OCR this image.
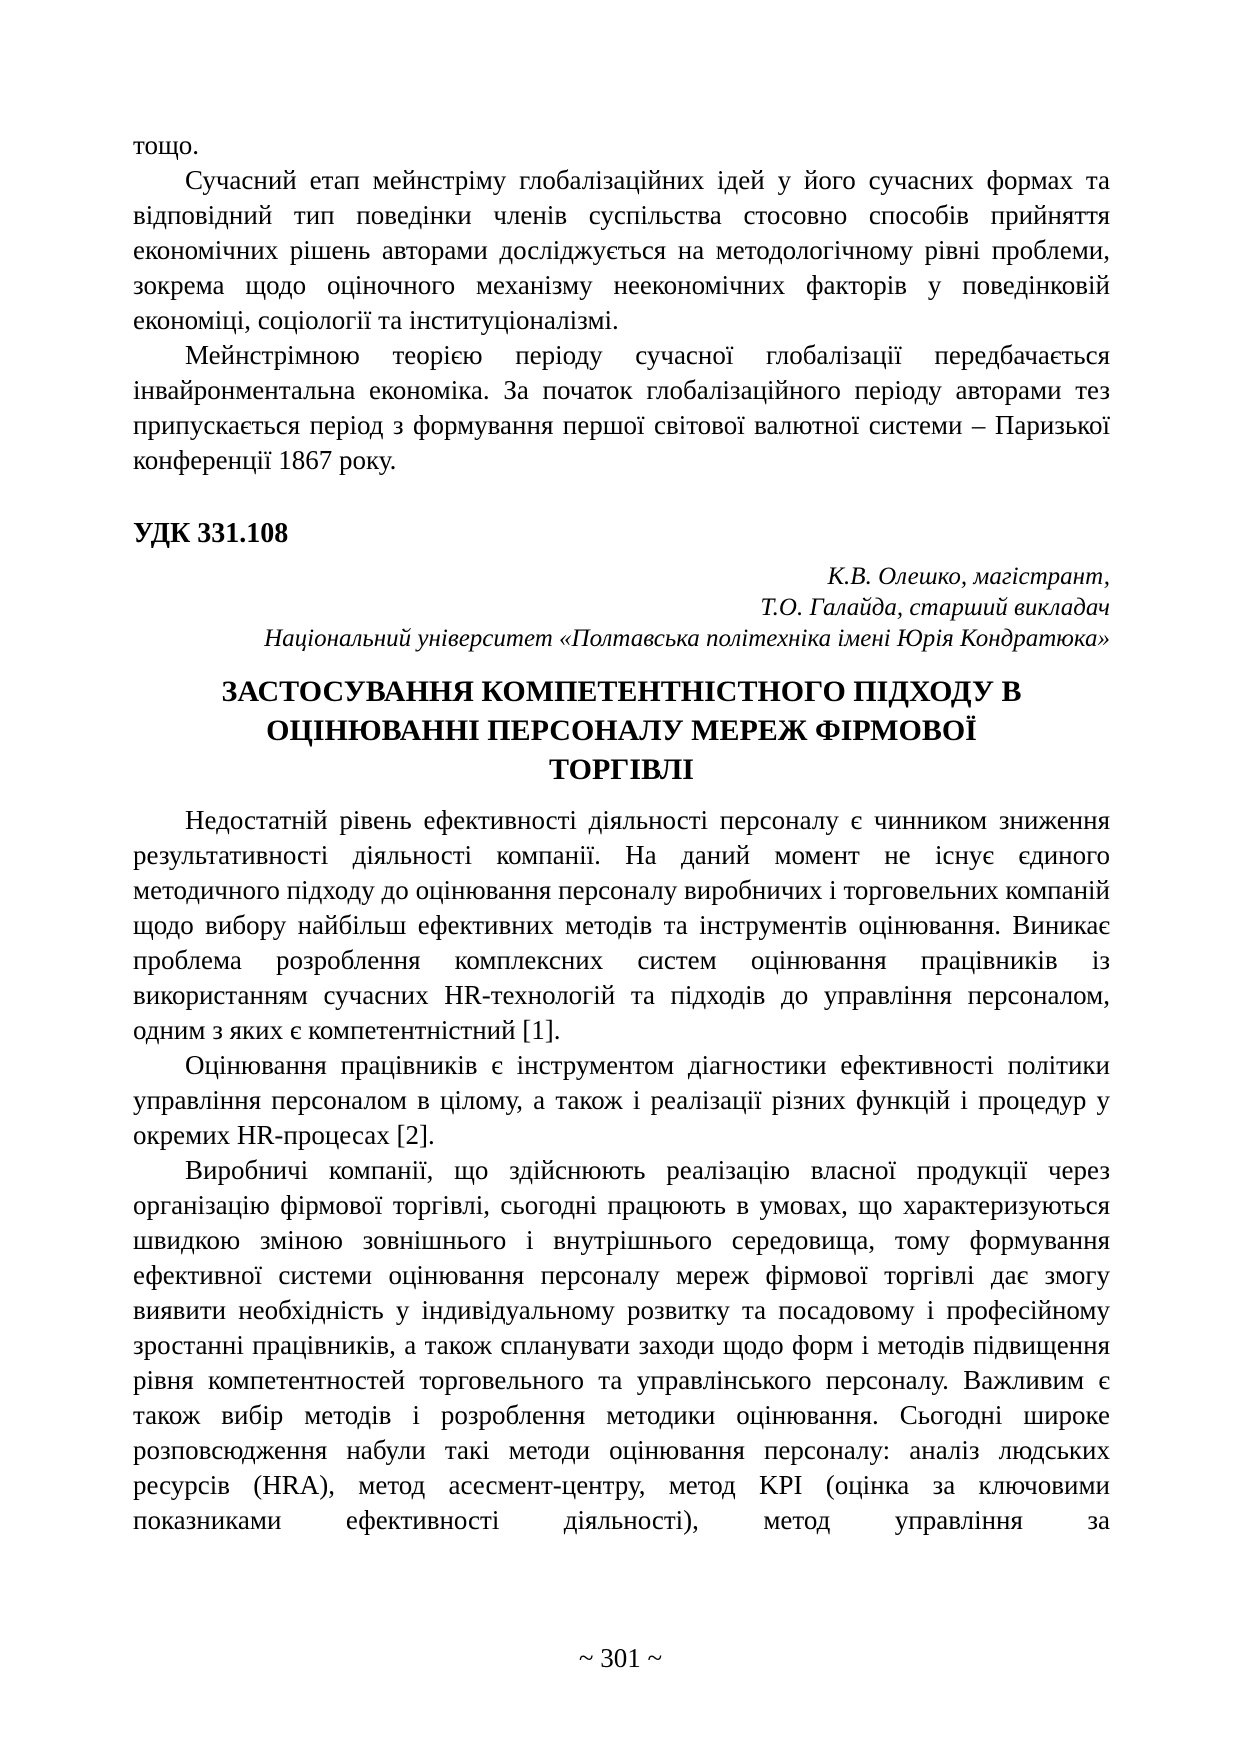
тощо.

Сучасний етап мейнстріму глобалізаційних ідей у його сучасних формах та відповідний тип поведінки членів суспільства стосовно способів прийняття економічних рішень авторами досліджується на методологічному рівні проблеми, зокрема щодо оціночного механізму неекономічних факторів у поведінковій економіці, соціології та інституціоналізмі.

Мейнстрімною теорією періоду сучасної глобалізації передбачається інвайронментальна економіка. За початок глобалізаційного періоду авторами тез припускається період з формування першої світової валютної системи – Паризької конференції 1867 року.

УДК 331.108
К.В. Олешко, магістрант,
Т.О. Галайда, старший викладач
Національний університет «Полтавська політехніка імені Юрія Кондратюка»
ЗАСТОСУВАННЯ КОМПЕТЕНТНІСТНОГО ПІДХОДУ В ОЦІНЮВАННІ ПЕРСОНАЛУ МЕРЕЖ ФІРМОВОЇ ТОРГІВЛІ

Недостатній рівень ефективності діяльності персоналу є чинником зниження результативності діяльності компанії. На даний момент не існує єдиного методичного підходу до оцінювання персоналу виробничих і торговельних компаній щодо вибору найбільш ефективних методів та інструментів оцінювання. Виникає проблема розроблення комплексних систем оцінювання працівників із використанням сучасних HR-технологій та підходів до управління персоналом, одним з яких є компетентністний [1].

Оцінювання працівників є інструментом діагностики ефективності політики управління персоналом в цілому, а також і реалізації різних функцій і процедур у окремих HR-процесах [2].

Виробничі компанії, що здійснюють реалізацію власної продукції через організацію фірмової торгівлі, сьогодні працюють в умовах, що характеризуються швидкою зміною зовнішнього і внутрішнього середовища, тому формування ефективної системи оцінювання персоналу мереж фірмової торгівлі дає змогу виявити необхідність у індивідуальному розвитку та посадовому і професійному зростанні працівників, а також спланувати заходи щодо форм і методів підвищення рівня компетентностей торговельного та управлінського персоналу. Важливим є також вибір методів і розроблення методики оцінювання. Сьогодні широке розповсюдження набули такі методи оцінювання персоналу: аналіз людських ресурсів (HRA), метод асесмент-центру, метод KPI (оцінка за ключовими показниками ефективності діяльності), метод управління за

~ 301 ~
